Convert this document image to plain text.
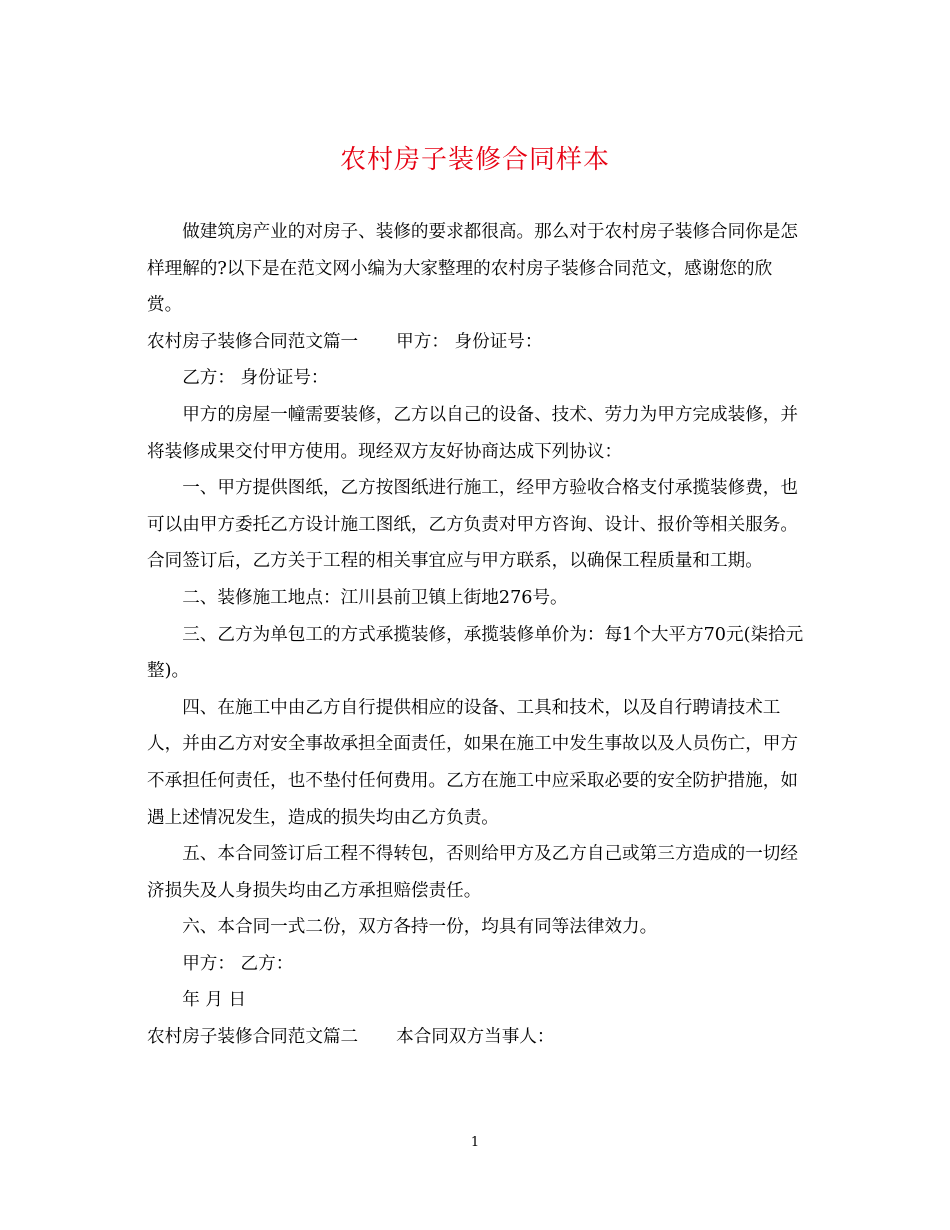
农村房子装修合同样本

做建筑房产业的对房子、装修的要求都很高。那么对于农村房子装修合同你是怎样理解的?以下是在范文网小编为大家整理的农村房子装修合同范文，感谢您的欣赏。

农村房子装修合同范文篇一 甲方： 身份证号：

乙方： 身份证号：

甲方的房屋一幢需要装修，乙方以自己的设备、技术、劳力为甲方完成装修，并将装修成果交付甲方使用。现经双方友好协商达成下列协议：

一、甲方提供图纸，乙方按图纸进行施工，经甲方验收合格支付承揽装修费，也可以由甲方委托乙方设计施工图纸，乙方负责对甲方咨询、设计、报价等相关服务。合同签订后，乙方关于工程的相关事宜应与甲方联系，以确保工程质量和工期。

二、装修施工地点：江川县前卫镇上街地276号。

三、乙方为单包工的方式承揽装修，承揽装修单价为：每1个大平方70元(柒拾元整)。

四、在施工中由乙方自行提供相应的设备、工具和技术，以及自行聘请技术工人，并由乙方对安全事故承担全面责任，如果在施工中发生事故以及人员伤亡，甲方不承担任何责任，也不垫付任何费用。乙方在施工中应采取必要的安全防护措施，如遇上述情况发生，造成的损失均由乙方负责。

五、本合同签订后工程不得转包，否则给甲方及乙方自己或第三方造成的一切经济损失及人身损失均由乙方承担赔偿责任。

六、本合同一式二份，双方各持一份，均具有同等法律效力。

甲方： 乙方：

年 月 日

农村房子装修合同范文篇二 本合同双方当事人：

1
